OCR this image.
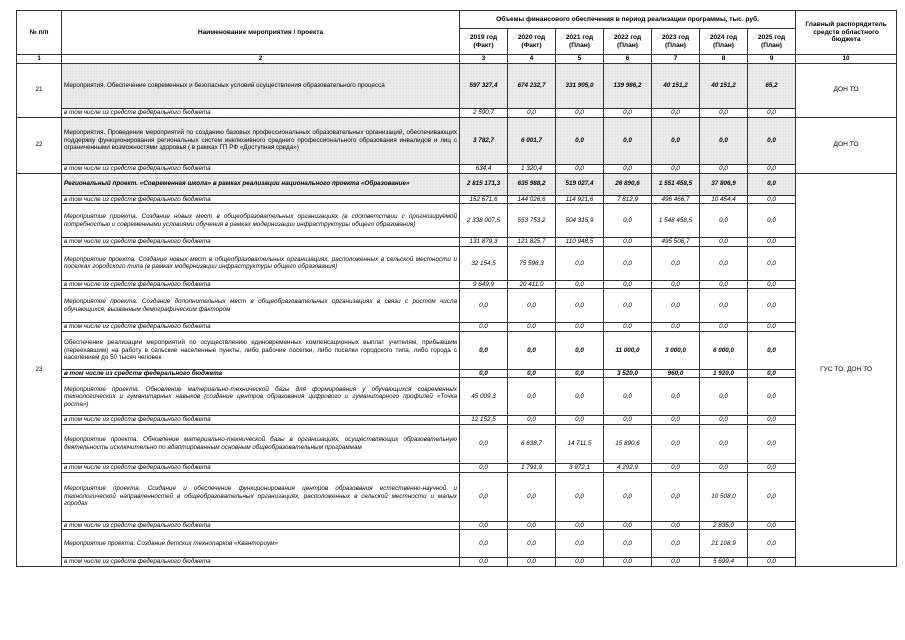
№ п/п	Наименование мероприятия / проекта	Объемы финансового обеспечения в период реализации программы, тыс. руб.							Главный распорядитель средств областного бюджета
		2019 год (Факт)	2020 год (Факт)	2021 год (План)	2022 год (План)	2023 год (План)	2024 год (План)	2025 год (План)	
1	2	3	4	5	6	7	8	9	10
21	Мероприятия. Обеспечение современных и безопасных условий осуществления образовательного процесса	597 327,4	674 232,7	331 905,0	139 986,2	40 151,2	40 151,2	65,2	ДОН ТО
	в том числе из средств федерального бюджета	2 590,7	0,0	0,0	0,0	0,0	0,0	0,0	
22	Мероприятия. Проведение мероприятий по созданию базовых профессиональных образовательных организаций, обеспечивающих поддержку функционирования региональных систем инклюзивного среднего профессионального образования инвалидов и лиц с ограниченными возможностями здоровья ( в рамках ГП РФ «Доступная среда»)	3 782,7	6 001,7	0,0	0,0	0,0	0,0	0,0	ДОН ТО
	в том числе из средств федерального бюджета	634,4	1 320,4	0,0	0,0	0,0	0,0	0,0	
23	Региональный проект. «Современная школа» в рамках реализации национального проекта «Образование»	2 815 171,3	635 988,2	519 027,4	26 890,6	1 551 458,5	37 806,9	0,0	ГУС ТО, ДОН ТО
	в том числе из средств федерального бюджета	152 671,6	144 026,6	114 921,6	7 812,9	496 466,7	10 454,4	0,0	
	Мероприятие проекта. Создание новых мест в общеобразовательных организациях (в соответствии с прогнозируемой потребностью и современными условиями обучения в рамках модернизации инфраструктуры общего образования)	2 338 007,5	553 753,2	504 315,9	0,0	1 548 458,5	0,0	0,0	
	в том числе из средств федерального бюджета	131 879,3	121 825,7	110 948,5	0,0	495 506,7	0,0	0,0	
	Мероприятие проекта. Создание новых мест в общеобразовательных организациях, расположенных в сельской местности и поселках городского типа (в рамках модернизации инфраструктуры общего образования)	32 154,5	75 596,3	0,0	0,0	0,0	0,0	0,0	
	в том числе из средств федерального бюджета	9 649,9	20 411,0	0,0	0,0	0,0	0,0	0,0	
	Мероприятие проекта. Создание дополнительных мест в общеобразовательных организациях в связи с ростом числа обучающихся, вызванным демографическим фактором	0,0	0,0	0,0	0,0	0,0	0,0	0,0	
	в том числе из средств федерального бюджета	0,0	0,0	0,0	0,0	0,0	0,0	0,0	
	Обеспечение реализации мероприятий по осуществлению единовременных компенсационных выплат учителям, прибывшим (переехавшим) на работу в сельские населенные пункты, либо рабочие поселки, либо поселки городского типа, либо города с населением до 50 тысяч человек	0,0	0,0	0,0	11 000,0	3 000,0	6 000,0	0,0	
	в том числе из средств федерального бюджета	0,0	0,0	0,0	3 520,0	960,0	1 920,0	0,0	
	Мероприятие проекта. Обновление материально-технической базы для формирования у обучающихся современных технологических и гуманитарных навыков (создание центров образования цифрового и гуманитарного профилей «Точка роста»)	45 009,3	0,0	0,0	0,0	0,0	0,0	0,0	
	в том числе из средств федерального бюджета	12 152,5	0,0	0,0	0,0	0,0	0,0	0,0	
	Мероприятие проекта. Обновление материально-технической базы в организациях, осуществляющих образовательную деятельность исключительно по адаптированным основным общеобразовательным программам	0,0	6 638,7	14 711,5	15 890,6	0,0	0,0	0,0	
	в том числе из средств федерального бюджета	0,0	1 791,9	3 972,1	4 292,9	0,0	0,0	0,0	
	Мероприятие проекта. Создание и обеспечение функционирования центров образования естественно-научной и технологической направленностей в общеобразовательных организациях, расположенных в сельской местности и малых городах	0,0	0,0	0,0	0,0	0,0	10 508,0	0,0	
	в том числе из средств федерального бюджета	0,0	0,0	0,0	0,0	0,0	2 835,0	0,0	
	Мероприятие проекта. Создание детских технопарков «Кванториум»	0,0	0,0	0,0	0,0	0,0	21 108,9	0,0	
	в том числе из средств федерального бюджета	0,0	0,0	0,0	0,0	0,0	5 699,4	0,0	
